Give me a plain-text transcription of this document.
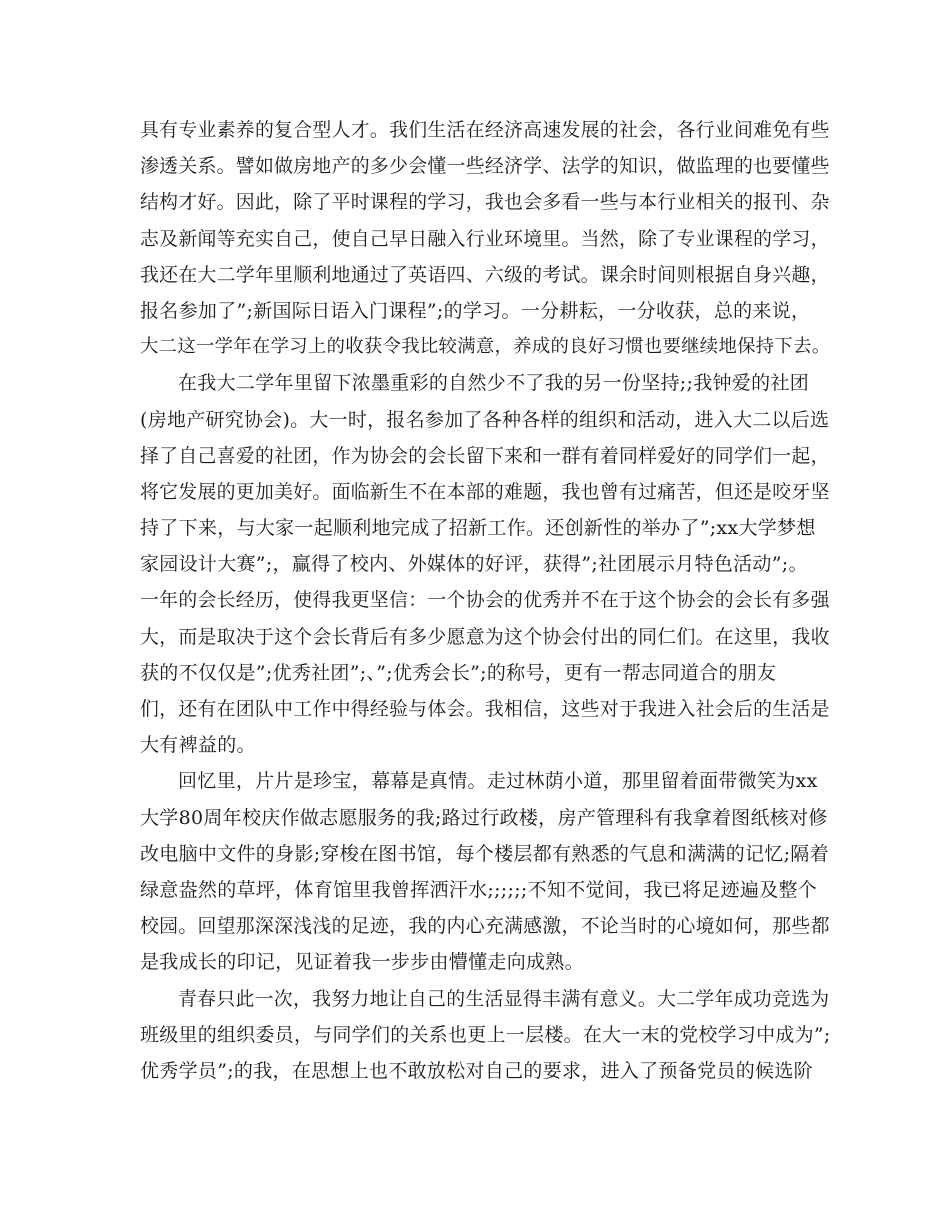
具有专业素养的复合型人才。我们生活在经济高速发展的社会，各行业间难免有些
渗透关系。譬如做房地产的多少会懂一些经济学、法学的知识，做监理的也要懂些
结构才好。因此，除了平时课程的学习，我也会多看一些与本行业相关的报刊、杂
志及新闻等充实自己，使自己早日融入行业环境里。当然，除了专业课程的学习，
我还在大二学年里顺利地通过了英语四、六级的考试。课余时间则根据自身兴趣，
报名参加了”;新国际日语入门课程”;的学习。一分耕耘，一分收获，总的来说，
大二这一学年在学习上的收获令我比较满意，养成的良好习惯也要继续地保持下去。
在我大二学年里留下浓墨重彩的自然少不了我的另一份坚持;;我钟爱的社团
(房地产研究协会)。大一时，报名参加了各种各样的组织和活动，进入大二以后选
择了自己喜爱的社团，作为协会的会长留下来和一群有着同样爱好的同学们一起，
将它发展的更加美好。面临新生不在本部的难题，我也曾有过痛苦，但还是咬牙坚
持了下来，与大家一起顺利地完成了招新工作。还创新性的举办了”;xx大学梦想
家园设计大赛”;，赢得了校内、外媒体的好评，获得”;社团展示月特色活动”;。
一年的会长经历，使得我更坚信：一个协会的优秀并不在于这个协会的会长有多强
大，而是取决于这个会长背后有多少愿意为这个协会付出的同仁们。在这里，我收
获的不仅仅是”;优秀社团”;、”;优秀会长”;的称号，更有一帮志同道合的朋友
们，还有在团队中工作中得经验与体会。我相信，这些对于我进入社会后的生活是
大有裨益的。
回忆里，片片是珍宝，幕幕是真情。走过林荫小道，那里留着面带微笑为xx
大学80周年校庆作做志愿服务的我;路过行政楼，房产管理科有我拿着图纸核对修
改电脑中文件的身影;穿梭在图书馆，每个楼层都有熟悉的气息和满满的记忆;隔着
绿意盎然的草坪，体育馆里我曾挥洒汗水;;;;;;不知不觉间，我已将足迹遍及整个
校园。回望那深深浅浅的足迹，我的内心充满感激，不论当时的心境如何，那些都
是我成长的印记，见证着我一步步由懵懂走向成熟。
青春只此一次，我努力地让自己的生活显得丰满有意义。大二学年成功竞选为
班级里的组织委员，与同学们的关系也更上一层楼。在大一末的党校学习中成为”;
优秀学员”;的我，在思想上也不敢放松对自己的要求，进入了预备党员的候选阶
